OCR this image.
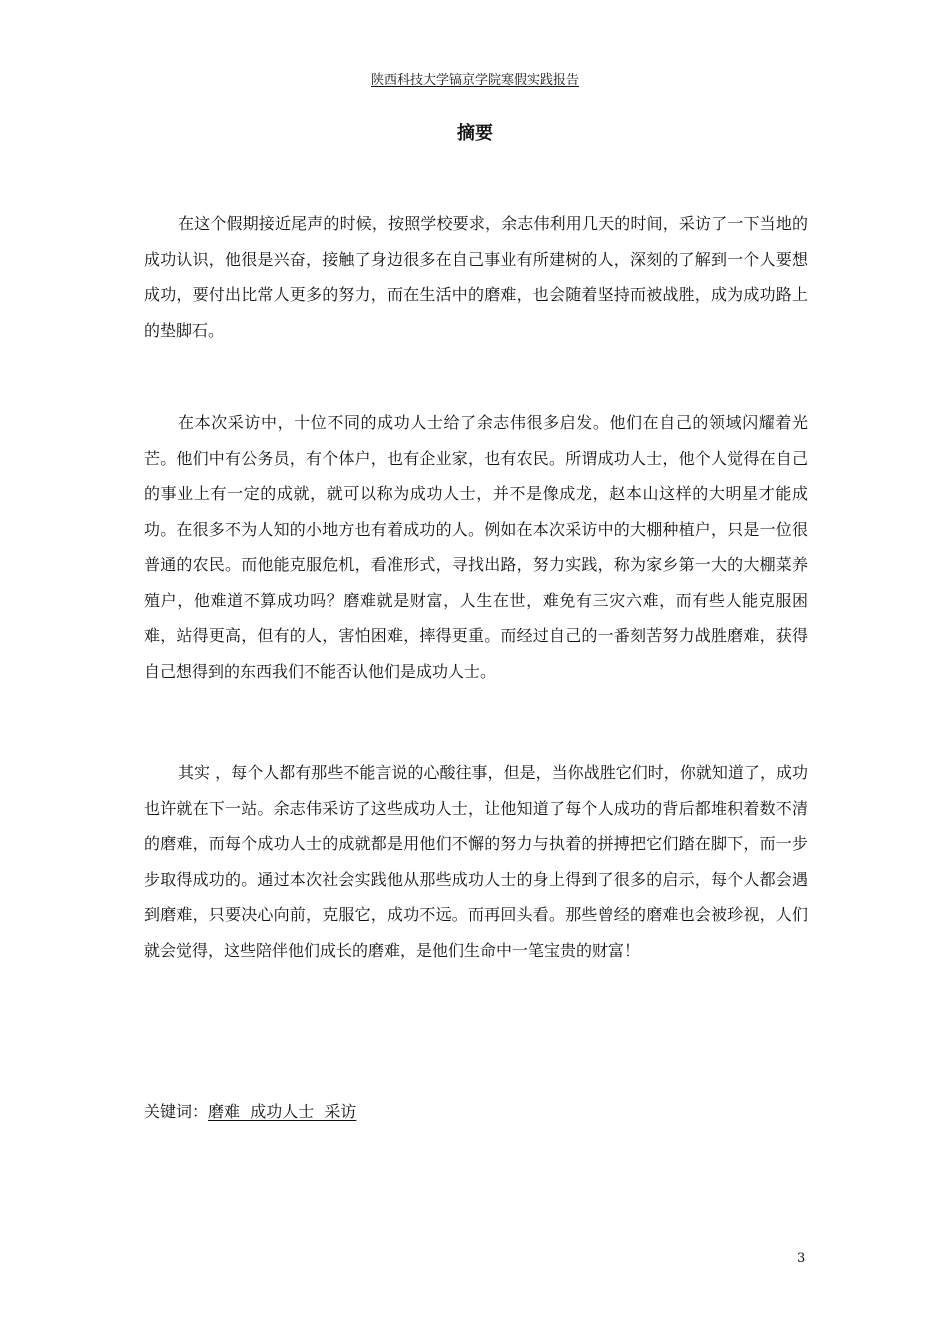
陕西科技大学镐京学院寒假实践报告
摘要

在这个假期接近尾声的时候，按照学校要求，余志伟利用几天的时间，采访了一下当地的成功认识，他很是兴奋，接触了身边很多在自己事业有所建树的人，深刻的了解到一个人要想成功，要付出比常人更多的努力，而在生活中的磨难，也会随着坚持而被战胜，成为成功路上的垫脚石。

在本次采访中，十位不同的成功人士给了余志伟很多启发。他们在自己的领域闪耀着光芒。他们中有公务员，有个体户，也有企业家，也有农民。所谓成功人士，他个人觉得在自己的事业上有一定的成就，就可以称为成功人士，并不是像成龙，赵本山这样的大明星才能成功。在很多不为人知的小地方也有着成功的人。例如在本次采访中的大棚种植户，只是一位很普通的农民。而他能克服危机，看准形式，寻找出路，努力实践，称为家乡第一大的大棚菜养殖户，他难道不算成功吗？磨难就是财富，人生在世，难免有三灾六难，而有些人能克服困难，站得更高，但有的人，害怕困难，摔得更重。而经过自己的一番刻苦努力战胜磨难，获得自己想得到的东西我们不能否认他们是成功人士。

其实 ，每个人都有那些不能言说的心酸往事，但是，当你战胜它们时，你就知道了，成功也许就在下一站。余志伟采访了这些成功人士，让他知道了每个人成功的背后都堆积着数不清的磨难，而每个成功人士的成就都是用他们不懈的努力与执着的拼搏把它们踏在脚下，而一步步取得成功的。通过本次社会实践他从那些成功人士的身上得到了很多的启示，每个人都会遇到磨难，只要决心向前，克服它，成功不远。而再回头看。那些曾经的磨难也会被珍视，人们就会觉得，这些陪伴他们成长的磨难，是他们生命中一笔宝贵的财富！

关键词：磨难  成功人士  采访
3
